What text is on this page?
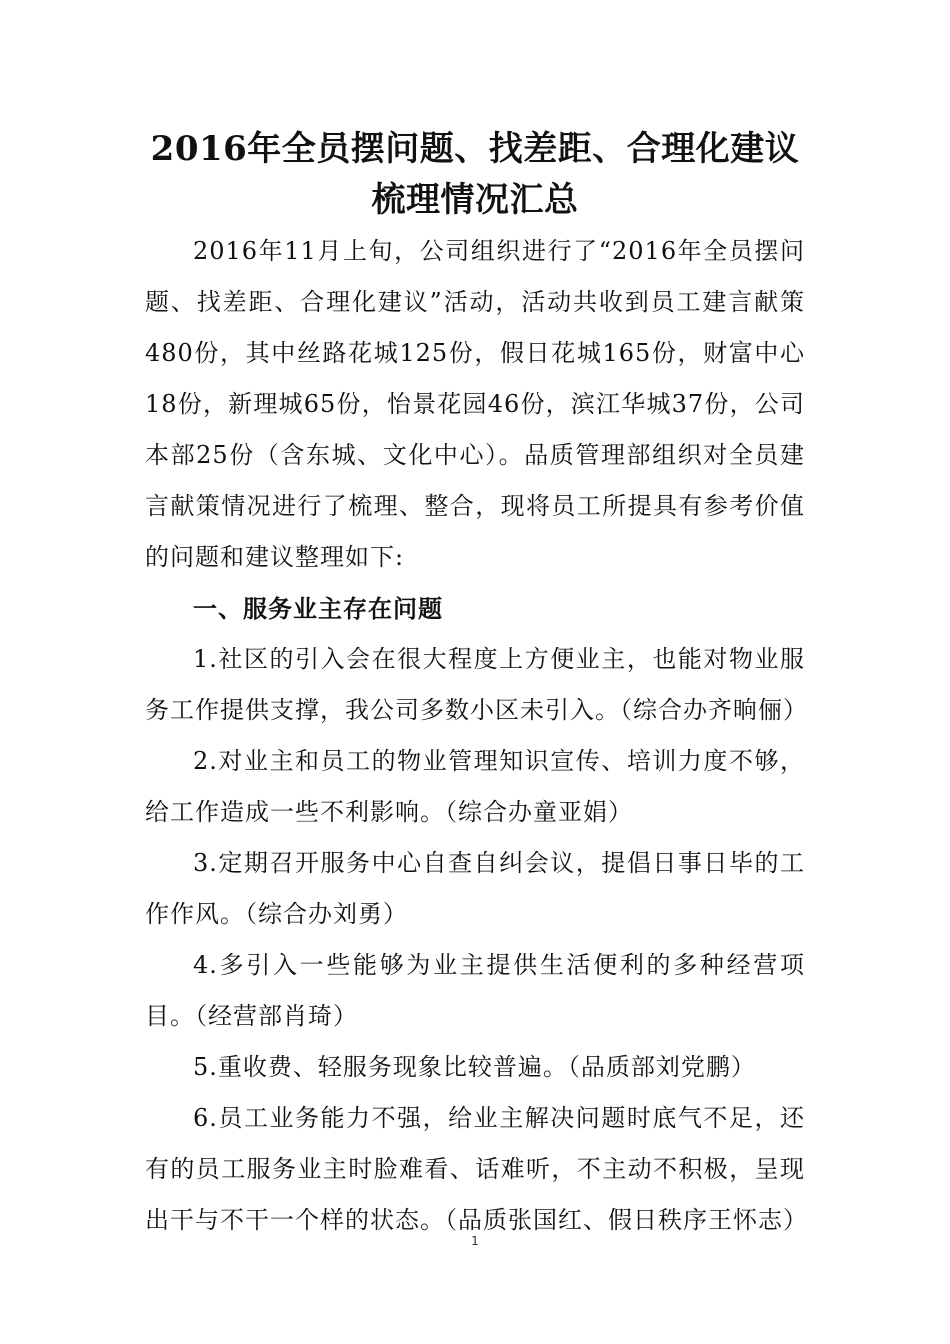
2016年全员摆问题、找差距、合理化建议
梳理情况汇总

2016年11月上旬，公司组织进行了“2016年全员摆问题、找差距、合理化建议”活动，活动共收到员工建言献策480份，其中丝路花城125份，假日花城165份，财富中心18份，新理城65份，怡景花园46份，滨江华城37份，公司本部25份（含东城、文化中心）。品质管理部组织对全员建言献策情况进行了梳理、整合，现将员工所提具有参考价值的问题和建议整理如下:

一、服务业主存在问题

1.社区的引入会在很大程度上方便业主，也能对物业服务工作提供支撑，我公司多数小区未引入。（综合办齐晌俪）

2.对业主和员工的物业管理知识宣传、培训力度不够，给工作造成一些不利影响。（综合办童亚娟）

3.定期召开服务中心自查自纠会议，提倡日事日毕的工作作风。（综合办刘勇）

4.多引入一些能够为业主提供生活便利的多种经营项目。（经营部肖琦）

5.重收费、轻服务现象比较普遍。（品质部刘党鹏）

6.员工业务能力不强，给业主解决问题时底气不足，还有的员工服务业主时脸难看、话难听，不主动不积极，呈现出干与不干一个样的状态。（品质张国红、假日秩序王怀志）

1
